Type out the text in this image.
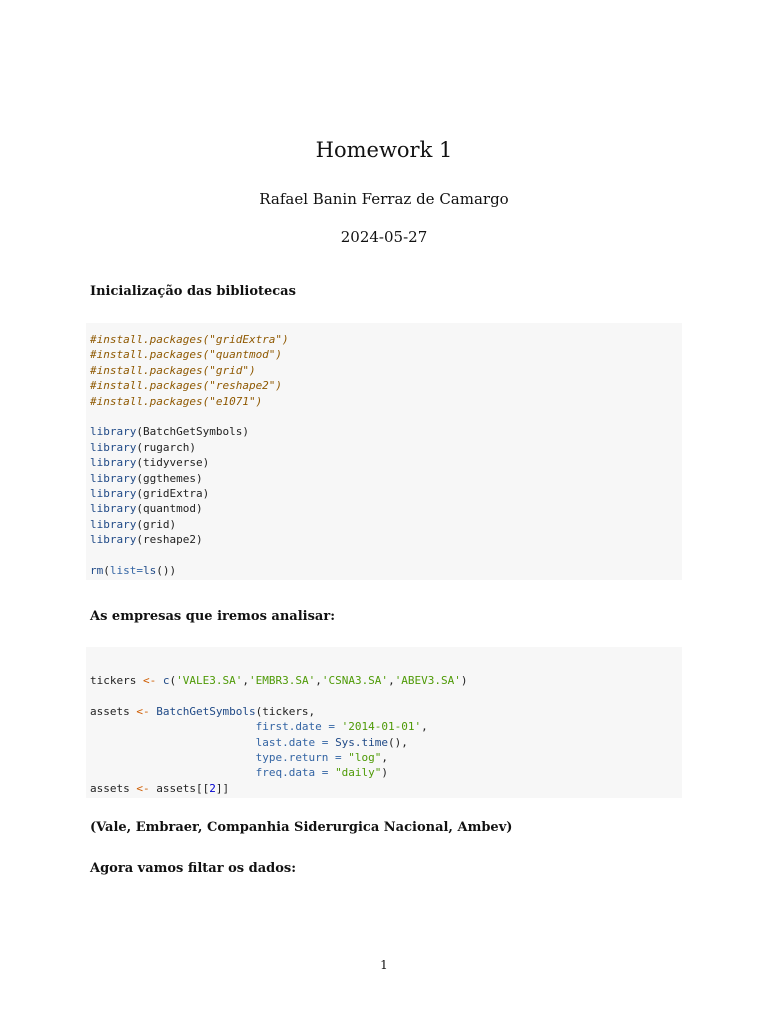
Homework 1
Rafael Banin Ferraz de Camargo
2024-05-27
Inicialização das bibliotecas
#install.packages("gridExtra")
#install.packages("quantmod")
#install.packages("grid")
#install.packages("reshape2")
#install.packages("e1071")
library(BatchGetSymbols)
library(rugarch)
library(tidyverse)
library(ggthemes)
library(gridExtra)
library(quantmod)
library(grid)
library(reshape2)
rm(list=ls())
As empresas que iremos analisar:
tickers <- c('VALE3.SA','EMBR3.SA','CSNA3.SA','ABEV3.SA')
assets <- BatchGetSymbols(tickers,
first.date = '2014-01-01',
last.date = Sys.time(),
type.return = "log",
freq.data = "daily")
assets <- assets[[2]]
(Vale, Embraer, Companhia Siderurgica Nacional, Ambev)
Agora vamos filtar os dados:
1
